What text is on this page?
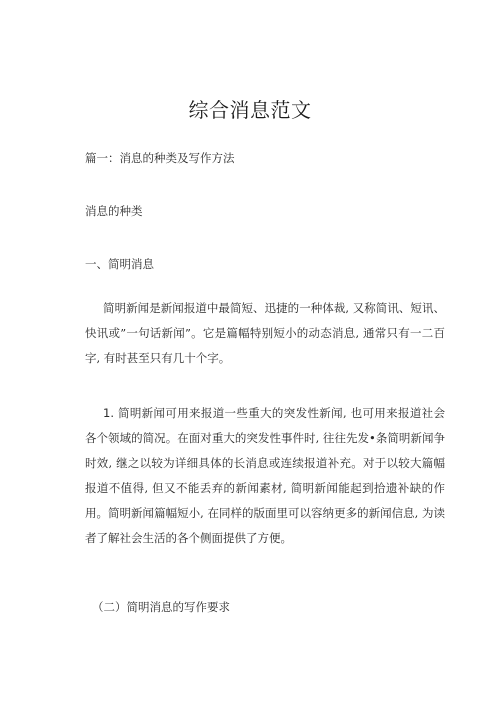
综合消息范文
篇一：消息的种类及写作方法
消息的种类
一、简明消息
简明新闻是新闻报道中最简短、迅捷的一种体裁, 又称简讯、短讯、快讯或”一句话新闻”。它是篇幅特别短小的动态消息, 通常只有一二百字, 有时甚至只有几十个字。
1. 简明新闻可用来报道一些重大的突发性新闻, 也可用来报道社会各个领域的简况。在面对重大的突发性事件时, 往往先发•条简明新闻争时效, 继之以较为详细具体的长消息或连续报道补充。对于以较大篇幅报道不值得, 但又不能丢弃的新闻素材, 简明新闻能起到拾遗补缺的作用。简明新闻篇幅短小, 在同样的版面里可以容纳更多的新闻信息, 为读者了解社会生活的各个侧面提供了方便。
（二）简明消息的写作要求
